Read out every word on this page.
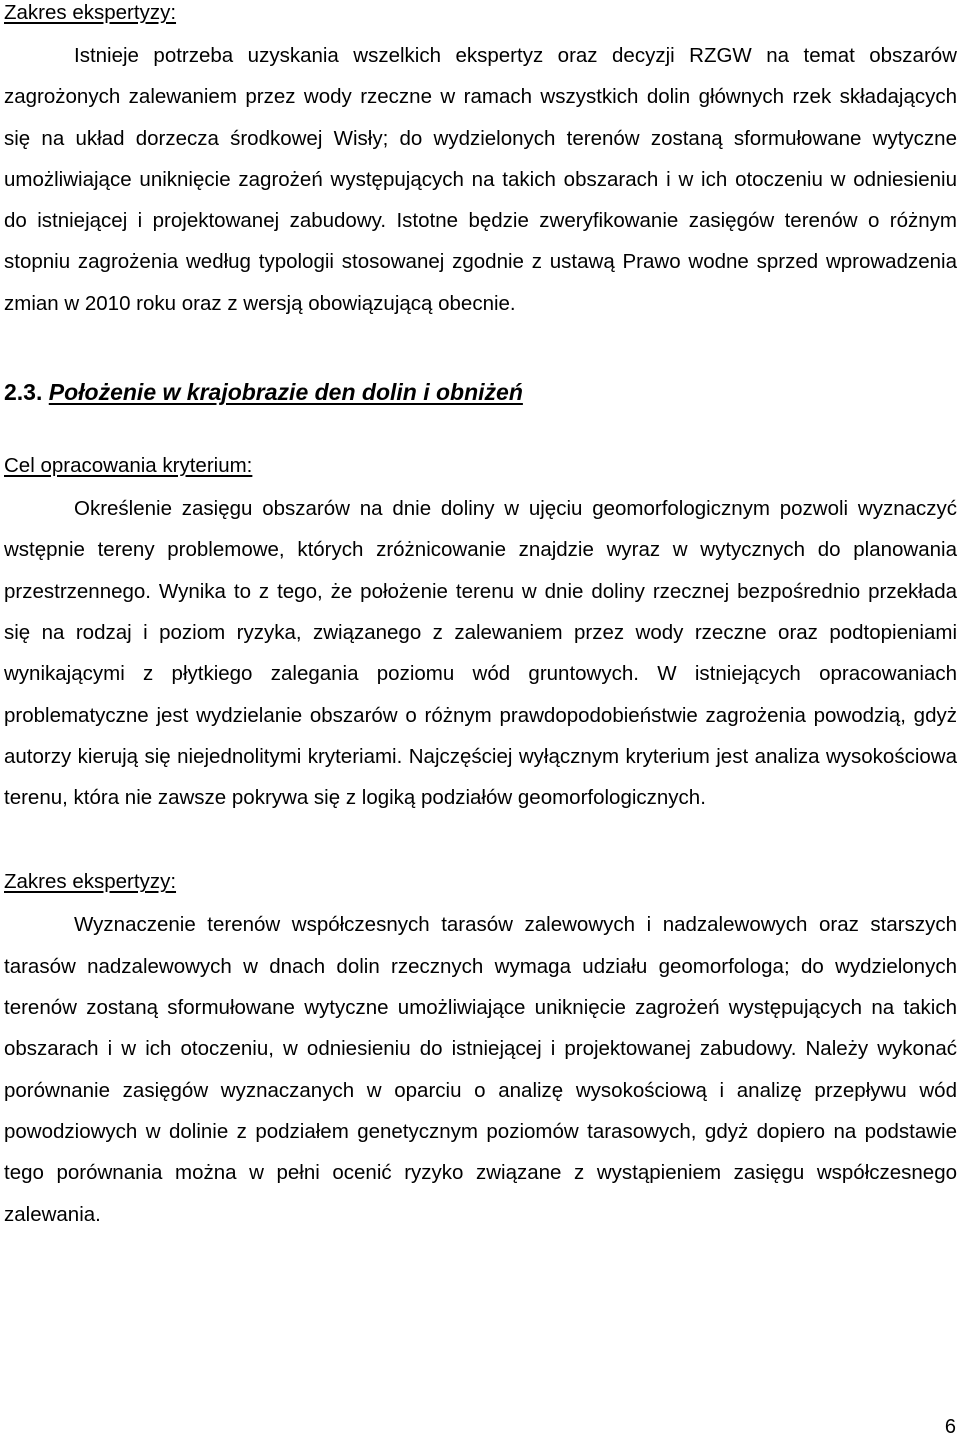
Zakres ekspertyzy:

Istnieje potrzeba uzyskania wszelkich ekspertyz oraz decyzji RZGW na temat obszarów zagrożonych zalewaniem przez wody rzeczne w ramach wszystkich dolin głównych rzek składających się na układ dorzecza środkowej Wisły; do wydzielonych terenów zostaną sformułowane wytyczne umożliwiające uniknięcie zagrożeń występujących na takich obszarach i w ich otoczeniu w odniesieniu do istniejącej i projektowanej zabudowy. Istotne będzie zweryfikowanie zasięgów terenów o różnym stopniu zagrożenia według typologii stosowanej zgodnie z ustawą Prawo wodne sprzed wprowadzenia zmian w 2010 roku oraz z wersją obowiązującą obecnie.

2.3. Położenie w krajobrazie den dolin i obniżeń

Cel opracowania kryterium:

Określenie zasięgu obszarów na dnie doliny w ujęciu geomorfologicznym pozwoli wyznaczyć wstępnie tereny problemowe, których zróżnicowanie znajdzie wyraz w wytycznych do planowania przestrzennego. Wynika to z tego, że położenie terenu w dnie doliny rzecznej bezpośrednio przekłada się na rodzaj i poziom ryzyka, związanego z zalewaniem przez wody rzeczne oraz podtopieniami wynikającymi z płytkiego zalegania poziomu wód gruntowych. W istniejących opracowaniach problematyczne jest wydzielanie obszarów o różnym prawdopodobieństwie zagrożenia powodzią, gdyż autorzy kierują się niejednolitymi kryteriami. Najczęściej wyłącznym kryterium jest analiza wysokościowa terenu, która nie zawsze pokrywa się z logiką podziałów geomorfologicznych.

Zakres ekspertyzy:

Wyznaczenie terenów współczesnych tarasów zalewowych i nadzalewowych oraz starszych tarasów nadzalewowych w dnach dolin rzecznych wymaga udziału geomorfologa; do wydzielonych terenów zostaną sformułowane wytyczne umożliwiające uniknięcie zagrożeń występujących na takich obszarach i w ich otoczeniu, w odniesieniu do istniejącej i projektowanej zabudowy. Należy wykonać porównanie zasięgów wyznaczanych w oparciu o analizę wysokościową i analizę przepływu wód powodziowych w dolinie z podziałem genetycznym poziomów tarasowych, gdyż dopiero na podstawie tego porównania można w pełni ocenić ryzyko związane z wystąpieniem zasięgu współczesnego zalewania.

6
